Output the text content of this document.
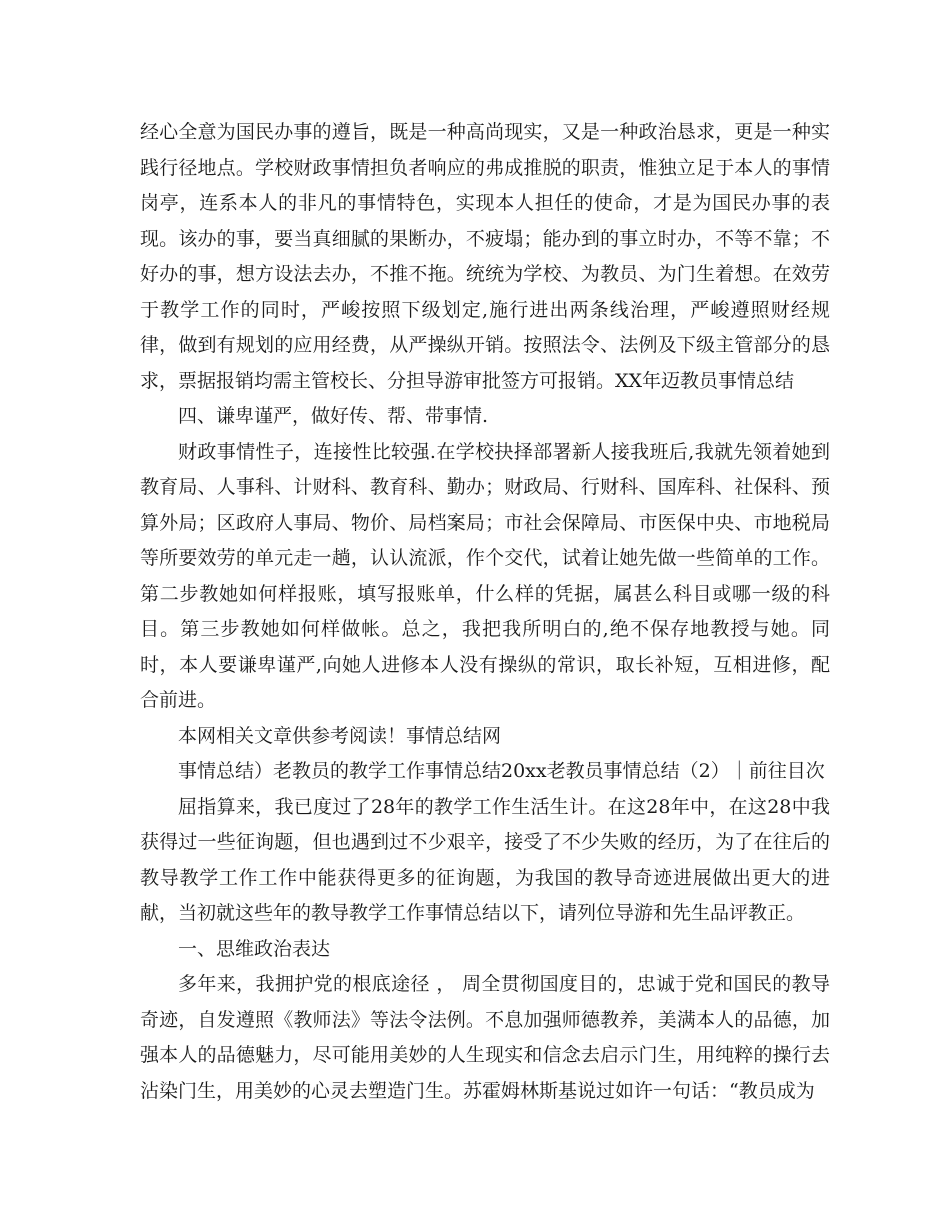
经心全意为国民办事的遵旨，既是一种高尚现实，又是一种政治恳求，更是一种实践行径地点。学校财政事情担负者响应的弗成推脱的职责，惟独立足于本人的事情岗亭，连系本人的非凡的事情特色，实现本人担任的使命，才是为国民办事的表现。该办的事，要当真细腻的果断办，不疲塌；能办到的事立时办，不等不靠；不好办的事，想方设法去办，不推不拖。统统为学校、为教员、为门生着想。在效劳于教学工作的同时，严峻按照下级划定,施行进出两条线治理，严峻遵照财经规律，做到有规划的应用经费，从严操纵开销。按照法令、法例及下级主管部分的恳求，票据报销均需主管校长、分担导游审批签方可报销。XX年迈教员事情总结

四、谦卑谨严，做好传、帮、带事情.

财政事情性子，连接性比较强.在学校抉择部署新人接我班后,我就先领着她到教育局、人事科、计财科、教育科、勤办；财政局、行财科、国库科、社保科、预算外局；区政府人事局、物价、局档案局；市社会保障局、市医保中央、市地税局等所要效劳的单元走一趟，认认流派，作个交代，试着让她先做一些简单的工作。第二步教她如何样报账，填写报账单，什么样的凭据，属甚么科目或哪一级的科目。第三步教她如何样做帐。总之，我把我所明白的,绝不保存地教授与她。同时，本人要谦卑谨严,向她人进修本人没有操纵的常识，取长补短，互相进修，配合前进。

本网相关文章供参考阅读！事情总结网

事情总结）老教员的教学工作事情总结20xx老教员事情总结（2）｜前往目次

屈指算来，我已度过了28年的教学工作生活生计。在这28年中，在这28中我获得过一些征询题，但也遇到过不少艰辛，接受了不少失败的经历，为了在往后的教导教学工作工作中能获得更多的征询题，为我国的教导奇迹进展做出更大的进献，当初就这些年的教导教学工作事情总结以下，请列位导游和先生品评教正。

一、思维政治表达

多年来，我拥护党的根底途径 ， 周全贯彻国度目的，忠诚于党和国民的教导奇迹，自发遵照《教师法》等法令法例。不息加强师德教养，美满本人的品德，加强本人的品德魅力，尽可能用美妙的人生现实和信念去启示门生，用纯粹的操行去沾染门生，用美妙的心灵去塑造门生。苏霍姆林斯基说过如许一句话：“教员成为
